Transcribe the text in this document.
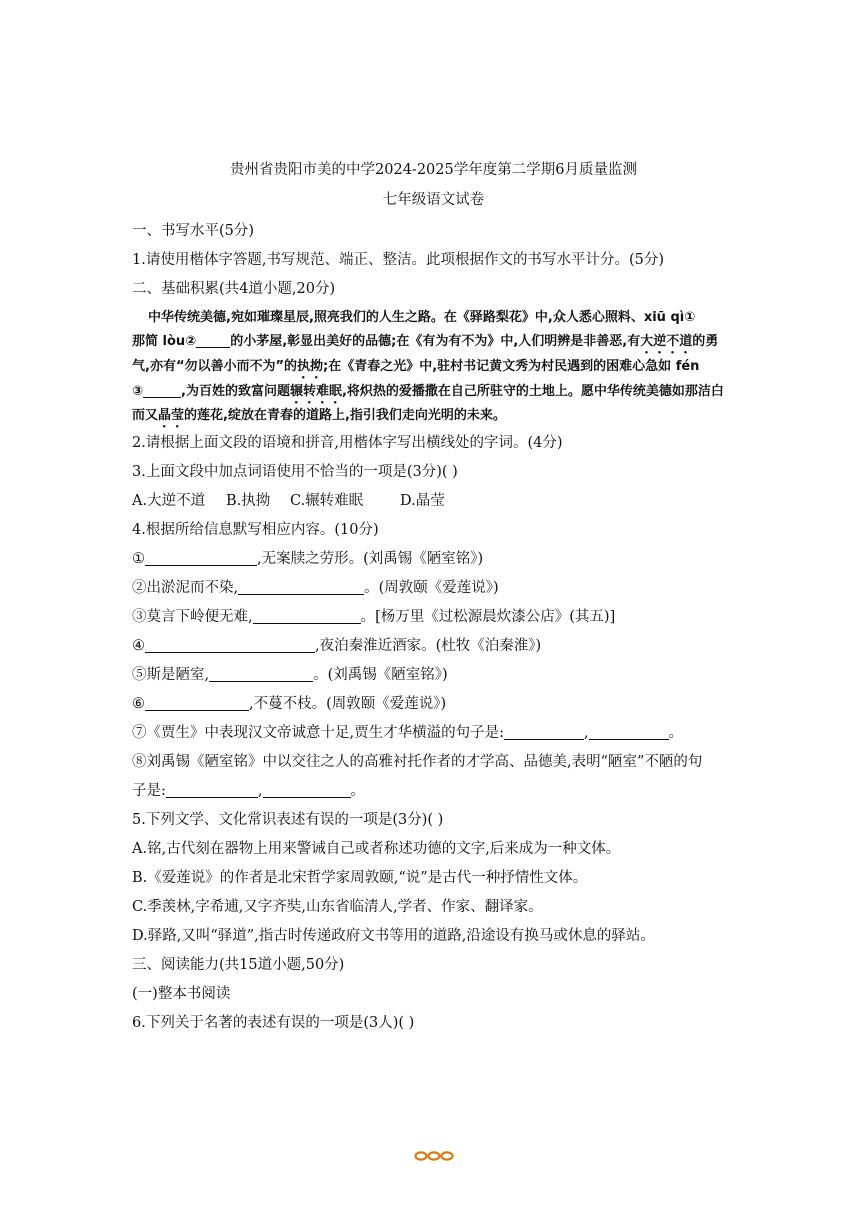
贵州省贵阳市美的中学2024-2025学年度第二学期6月质量监测
七年级语文试卷
一、书写水平(5分)
1.请使用楷体字答题,书写规范、端正、整洁。此项根据作文的书写水平计分。(5分)
二、基础积累(共4道小题,20分)
中华传统美德,宛如璀璨星辰,照亮我们的人生之路。在《驿路梨花》中,众人悉心照料、xiū qì①
那简 lòu②	的小茅屋,彰显出美好的品德;在《有为有不为》中,人们明辨是非善恶,有大逆不道的勇
气,亦有“勿以善小而不为”的执拗;在《青春之光》中,驻村书记黄文秀为村民遇到的困难心急如 fén
③	,为百姓的致富问题辗转难眠,将炽热的爱播撒在自己所驻守的土地上。愿中华传统美德如那洁白
而又晶莹的莲花,绽放在青春的道路上,指引我们走向光明的未来。
2.请根据上面文段的语境和拼音,用楷体字写出横线处的字词。(4分)
3.上面文段中加点词语使用不恰当的一项是(3分)( )
A.大逆不道 B.执拗 C.辗转难眠	D.晶莹
4.根据所给信息默写相应内容。(10分)
①	,无案牍之劳形。(刘禹锡《陋室铭》)
②出淤泥而不染,	。(周敦颐《爱莲说》)
③莫言下岭便无难,	。[杨万里《过松源晨炊漆公店》(其五)]
④	,夜泊秦淮近酒家。(杜牧《泊秦淮》)
⑤斯是陋室,	。(刘禹锡《陋室铭》)
⑥	,不蔓不枝。(周敦颐《爱莲说》)
⑦《贾生》中表现汉文帝诚意十足,贾生才华横溢的句子是:	,	。
⑧刘禹锡《陋室铭》中以交往之人的高雅衬托作者的才学高、品德美,表明“陋室”不陋的句
子是:	,	。
5.下列文学、文化常识表述有误的一项是(3分)( )
A.铭,古代刻在器物上用来警诫自己或者称述功德的文字,后来成为一种文体。
B.《爱莲说》的作者是北宋哲学家周敦颐,“说”是古代一种抒情性文体。
C.季羡林,字希逋,又字齐奘,山东省临清人,学者、作家、翻译家。
D.驿路,又叫“驿道”,指古时传递政府文书等用的道路,沿途设有换马或休息的驿站。
三、阅读能力(共15道小题,50分)
(一)整本书阅读
6.下列关于名著的表述有误的一项是(3人)( )
